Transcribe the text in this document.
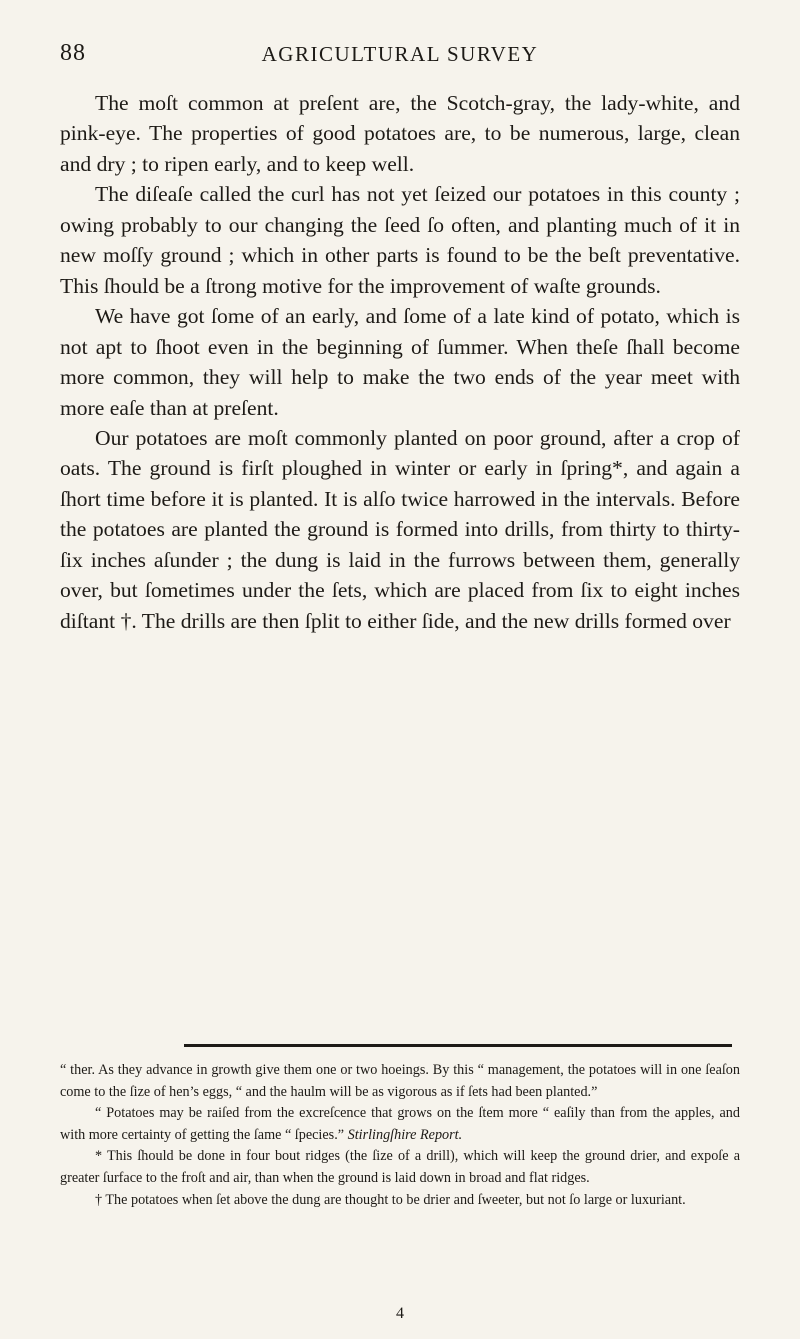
88	AGRICULTURAL SURVEY

The moſt common at preſent are, the Scotch-gray, the lady-white, and pink-eye. The properties of good potatoes are, to be numerous, large, clean and dry ; to ripen early, and to keep well.

The diſeaſe called the curl has not yet ſeized our potatoes in this county ; owing probably to our changing the ſeed ſo often, and planting much of it in new moſſy ground ; which in other parts is found to be the beſt preventative. This ſhould be a ſtrong motive for the improvement of waſte grounds.

We have got ſome of an early, and ſome of a late kind of potato, which is not apt to ſhoot even in the beginning of ſummer. When theſe ſhall become more common, they will help to make the two ends of the year meet with more eaſe than at preſent.

Our potatoes are moſt commonly planted on poor ground, after a crop of oats. The ground is firſt ploughed in winter or early in ſpring*, and again a ſhort time before it is planted. It is alſo twice harrowed in the intervals. Before the potatoes are planted the ground is formed into drills, from thirty to thirty-ſix inches aſunder ; the dung is laid in the furrows between them, generally over, but ſometimes under the ſets, which are placed from ſix to eight inches diſtant †. The drills are then ſplit to either ſide, and the new drills formed over

“ ther. As they advance in growth give them one or two hoeings. By this “ management, the potatoes will in one ſeaſon come to the ſize of hen’s eggs, “ and the haulm will be as vigorous as if ſets had been planted.”

“ Potatoes may be raiſed from the excreſcence that grows on the ſtem more “ eaſily than from the apples, and with more certainty of getting the ſame “ ſpecies.” Stirlingſhire Report.

* This ſhould be done in four bout ridges (the ſize of a drill), which will keep the ground drier, and expoſe a greater ſurface to the froſt and air, than when the ground is laid down in broad and flat ridges.

† The potatoes when ſet above the dung are thought to be drier and ſweeter, but not ſo large or luxuriant.

4
